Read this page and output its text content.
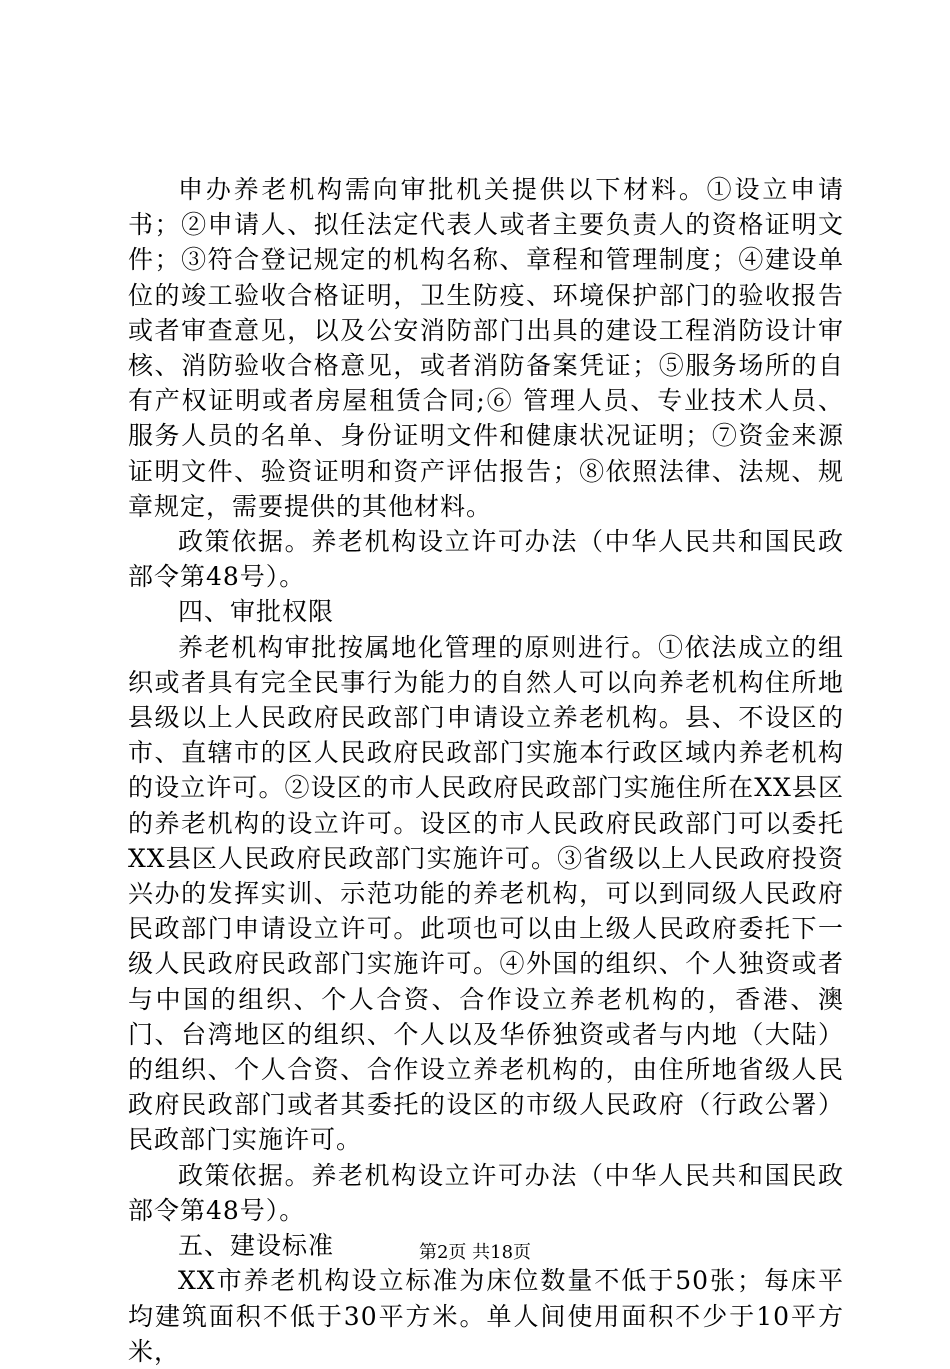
申办养老机构需向审批机关提供以下材料。①设立申请书；②申请人、拟任法定代表人或者主要负责人的资格证明文件；③符合登记规定的机构名称、章程和管理制度；④建设单位的竣工验收合格证明，卫生防疫、环境保护部门的验收报告或者审查意见，以及公安消防部门出具的建设工程消防设计审核、消防验收合格意见，或者消防备案凭证；⑤服务场所的自有产权证明或者房屋租赁合同;⑥ 管理人员、专业技术人员、服务人员的名单、身份证明文件和健康状况证明；⑦资金来源证明文件、验资证明和资产评估报告；⑧依照法律、法规、规章规定，需要提供的其他材料。

政策依据。养老机构设立许可办法（中华人民共和国民政部令第48号）。

四、审批权限

养老机构审批按属地化管理的原则进行。①依法成立的组织或者具有完全民事行为能力的自然人可以向养老机构住所地县级以上人民政府民政部门申请设立养老机构。县、不设区的市、直辖市的区人民政府民政部门实施本行政区域内养老机构的设立许可。②设区的市人民政府民政部门实施住所在XX县区的养老机构的设立许可。设区的市人民政府民政部门可以委托XX县区人民政府民政部门实施许可。③省级以上人民政府投资兴办的发挥实训、示范功能的养老机构，可以到同级人民政府民政部门申请设立许可。此项也可以由上级人民政府委托下一级人民政府民政部门实施许可。④外国的组织、个人独资或者与中国的组织、个人合资、合作设立养老机构的，香港、澳门、台湾地区的组织、个人以及华侨独资或者与内地（大陆）的组织、个人合资、合作设立养老机构的，由住所地省级人民政府民政部门或者其委托的设区的市级人民政府（行政公署）民政部门实施许可。

政策依据。养老机构设立许可办法（中华人民共和国民政部令第48号）。

五、建设标准

XX市养老机构设立标准为床位数量不低于50张；每床平均建筑面积不低于30平方米。单人间使用面积不少于10平方米，

第2页 共18页
